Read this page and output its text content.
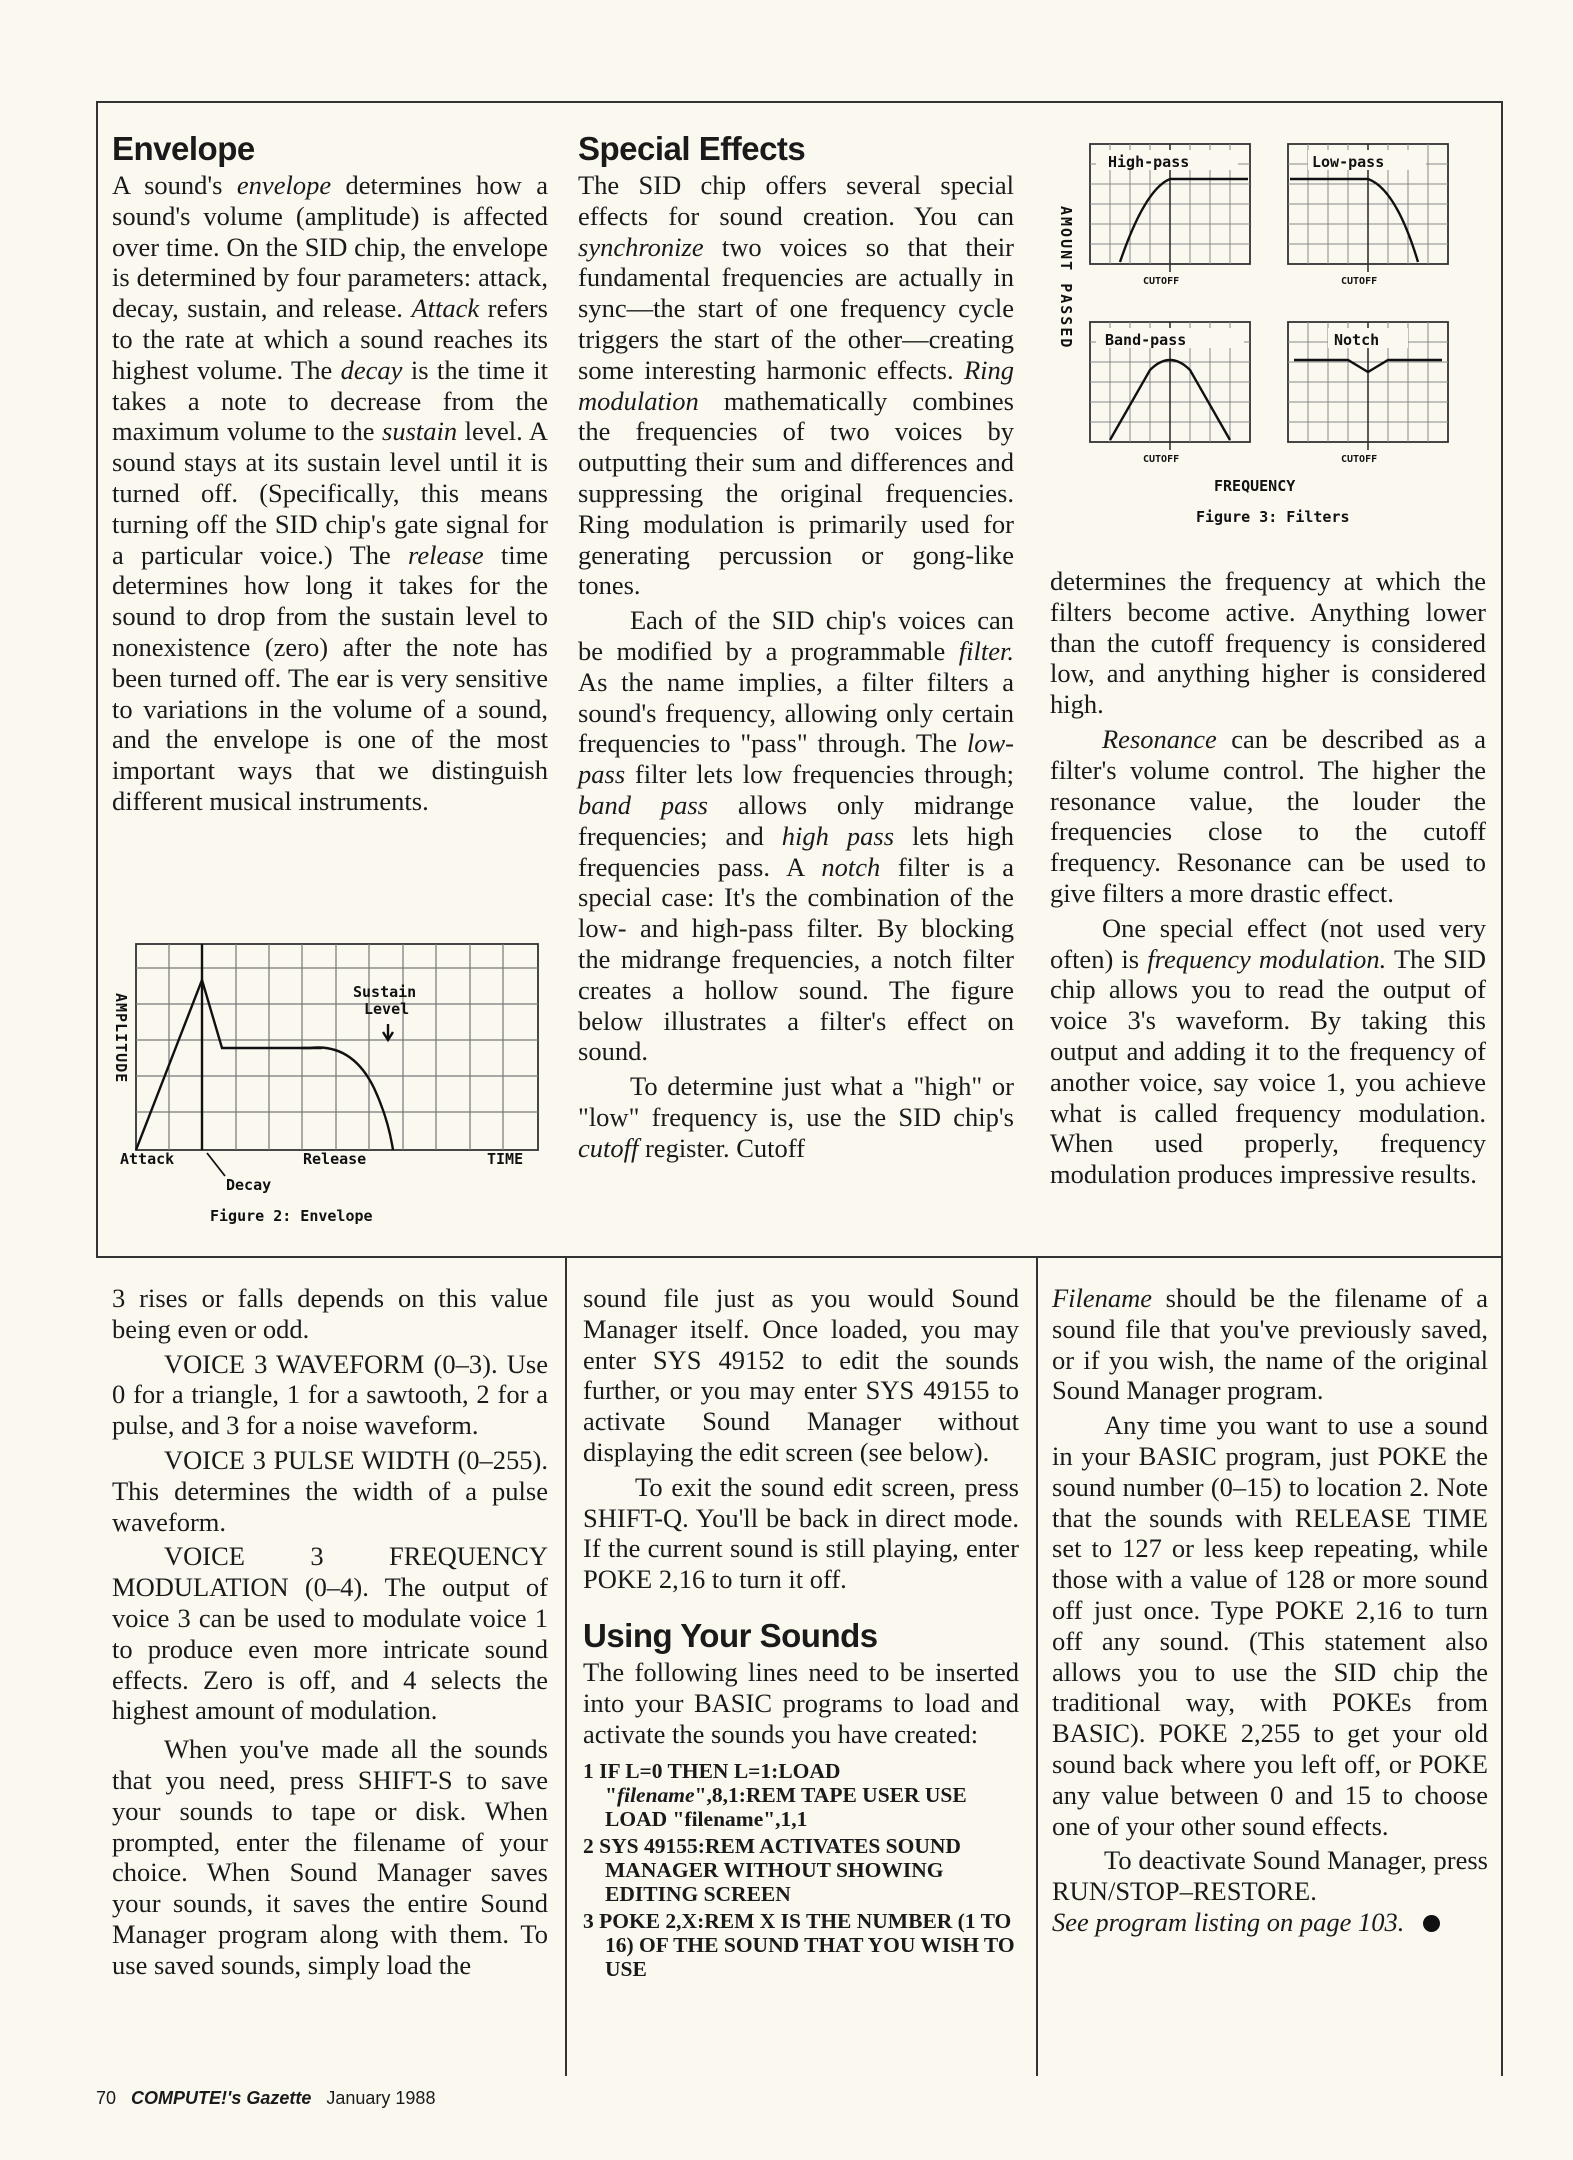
Envelope

A sound's envelope determines how a sound's volume (amplitude) is affected over time. On the SID chip, the envelope is determined by four parameters: attack, decay, sustain, and release. Attack refers to the rate at which a sound reaches its highest volume. The decay is the time it takes a note to decrease from the maximum volume to the sustain level. A sound stays at its sustain level until it is turned off. (Specifically, this means turning off the SID chip's gate signal for a particular voice.) The release time determines how long it takes for the sound to drop from the sustain level to nonexistence (zero) after the note has been turned off. The ear is very sensitive to variations in the volume of a sound, and the envelope is one of the most important ways that we distinguish different musical instruments.

Sustain
Level
AMPLITUDE
Attack	Release	TIME
Decay
Figure 2: Envelope
Special Effects

The SID chip offers several special effects for sound creation. You can synchronize two voices so that their fundamental frequencies are actually in sync—the start of one frequency cycle triggers the start of the other—creating some interesting harmonic effects. Ring modulation mathematically combines the frequencies of two voices by outputting their sum and differences and suppressing the original frequencies. Ring modulation is primarily used for generating percussion or gong-like tones.

Each of the SID chip's voices can be modified by a programmable filter. As the name implies, a filter filters a sound's frequency, allowing only certain frequencies to "pass" through. The low-pass filter lets low frequencies through; band pass allows only midrange frequencies; and high pass lets high frequencies pass. A notch filter is a special case: It's the combination of the low- and high-pass filter. By blocking the midrange frequencies, a notch filter creates a hollow sound. The figure below illustrates a filter's effect on sound.

To determine just what a "high" or "low" frequency is, use the SID chip's cutoff register. Cutoff

High-pass
CUTOFF
Low-pass
CUTOFF
Band-pass
CUTOFF
Notch
CUTOFF
AMOUNT PASSED
FREQUENCY
Figure 3: Filters

determines the frequency at which the filters become active. Anything lower than the cutoff frequency is considered low, and anything higher is considered high.

Resonance can be described as a filter's volume control. The higher the resonance value, the louder the frequencies close to the cutoff frequency. Resonance can be used to give filters a more drastic effect.

One special effect (not used very often) is frequency modulation. The SID chip allows you to read the output of voice 3's waveform. By taking this output and adding it to the frequency of another voice, say voice 1, you achieve what is called frequency modulation. When used properly, frequency modulation produces impressive results.

3 rises or falls depends on this value being even or odd.

VOICE 3 WAVEFORM (0–3). Use 0 for a triangle, 1 for a sawtooth, 2 for a pulse, and 3 for a noise waveform.

VOICE 3 PULSE WIDTH (0–255). This determines the width of a pulse waveform.

VOICE 3 FREQUENCY MODULATION (0–4). The output of voice 3 can be used to modulate voice 1 to produce even more intricate sound effects. Zero is off, and 4 selects the highest amount of modulation.

When you've made all the sounds that you need, press SHIFT-S to save your sounds to tape or disk. When prompted, enter the filename of your choice. When Sound Manager saves your sounds, it saves the entire Sound Manager program along with them. To use saved sounds, simply load the

sound file just as you would Sound Manager itself. Once loaded, you may enter SYS 49152 to edit the sounds further, or you may enter SYS 49155 to activate Sound Manager without displaying the edit screen (see below).

To exit the sound edit screen, press SHIFT-Q. You'll be back in direct mode. If the current sound is still playing, enter POKE 2,16 to turn it off.

Using Your Sounds

The following lines need to be inserted into your BASIC programs to load and activate the sounds you have created:

1 IF L=0 THEN L=1:LOAD "filename",8,1:REM TAPE USER USE LOAD "filename",1,1

2 SYS 49155:REM ACTIVATES SOUND MANAGER WITHOUT SHOWING EDITING SCREEN

3 POKE 2,X:REM X IS THE NUMBER (1 TO 16) OF THE SOUND THAT YOU WISH TO USE

Filename should be the filename of a sound file that you've previously saved, or if you wish, the name of the original Sound Manager program.

Any time you want to use a sound in your BASIC program, just POKE the sound number (0–15) to location 2. Note that the sounds with RELEASE TIME set to 127 or less keep repeating, while those with a value of 128 or more sound off just once. Type POKE 2,16 to turn off any sound. (This statement also allows you to use the SID chip the traditional way, with POKEs from BASIC). POKE 2,255 to get your old sound back where you left off, or POKE any value between 0 and 15 to choose one of your other sound effects.

To deactivate Sound Manager, press RUN/STOP–RESTORE.

See program listing on page 103.

70 COMPUTE!'s Gazette January 1988
